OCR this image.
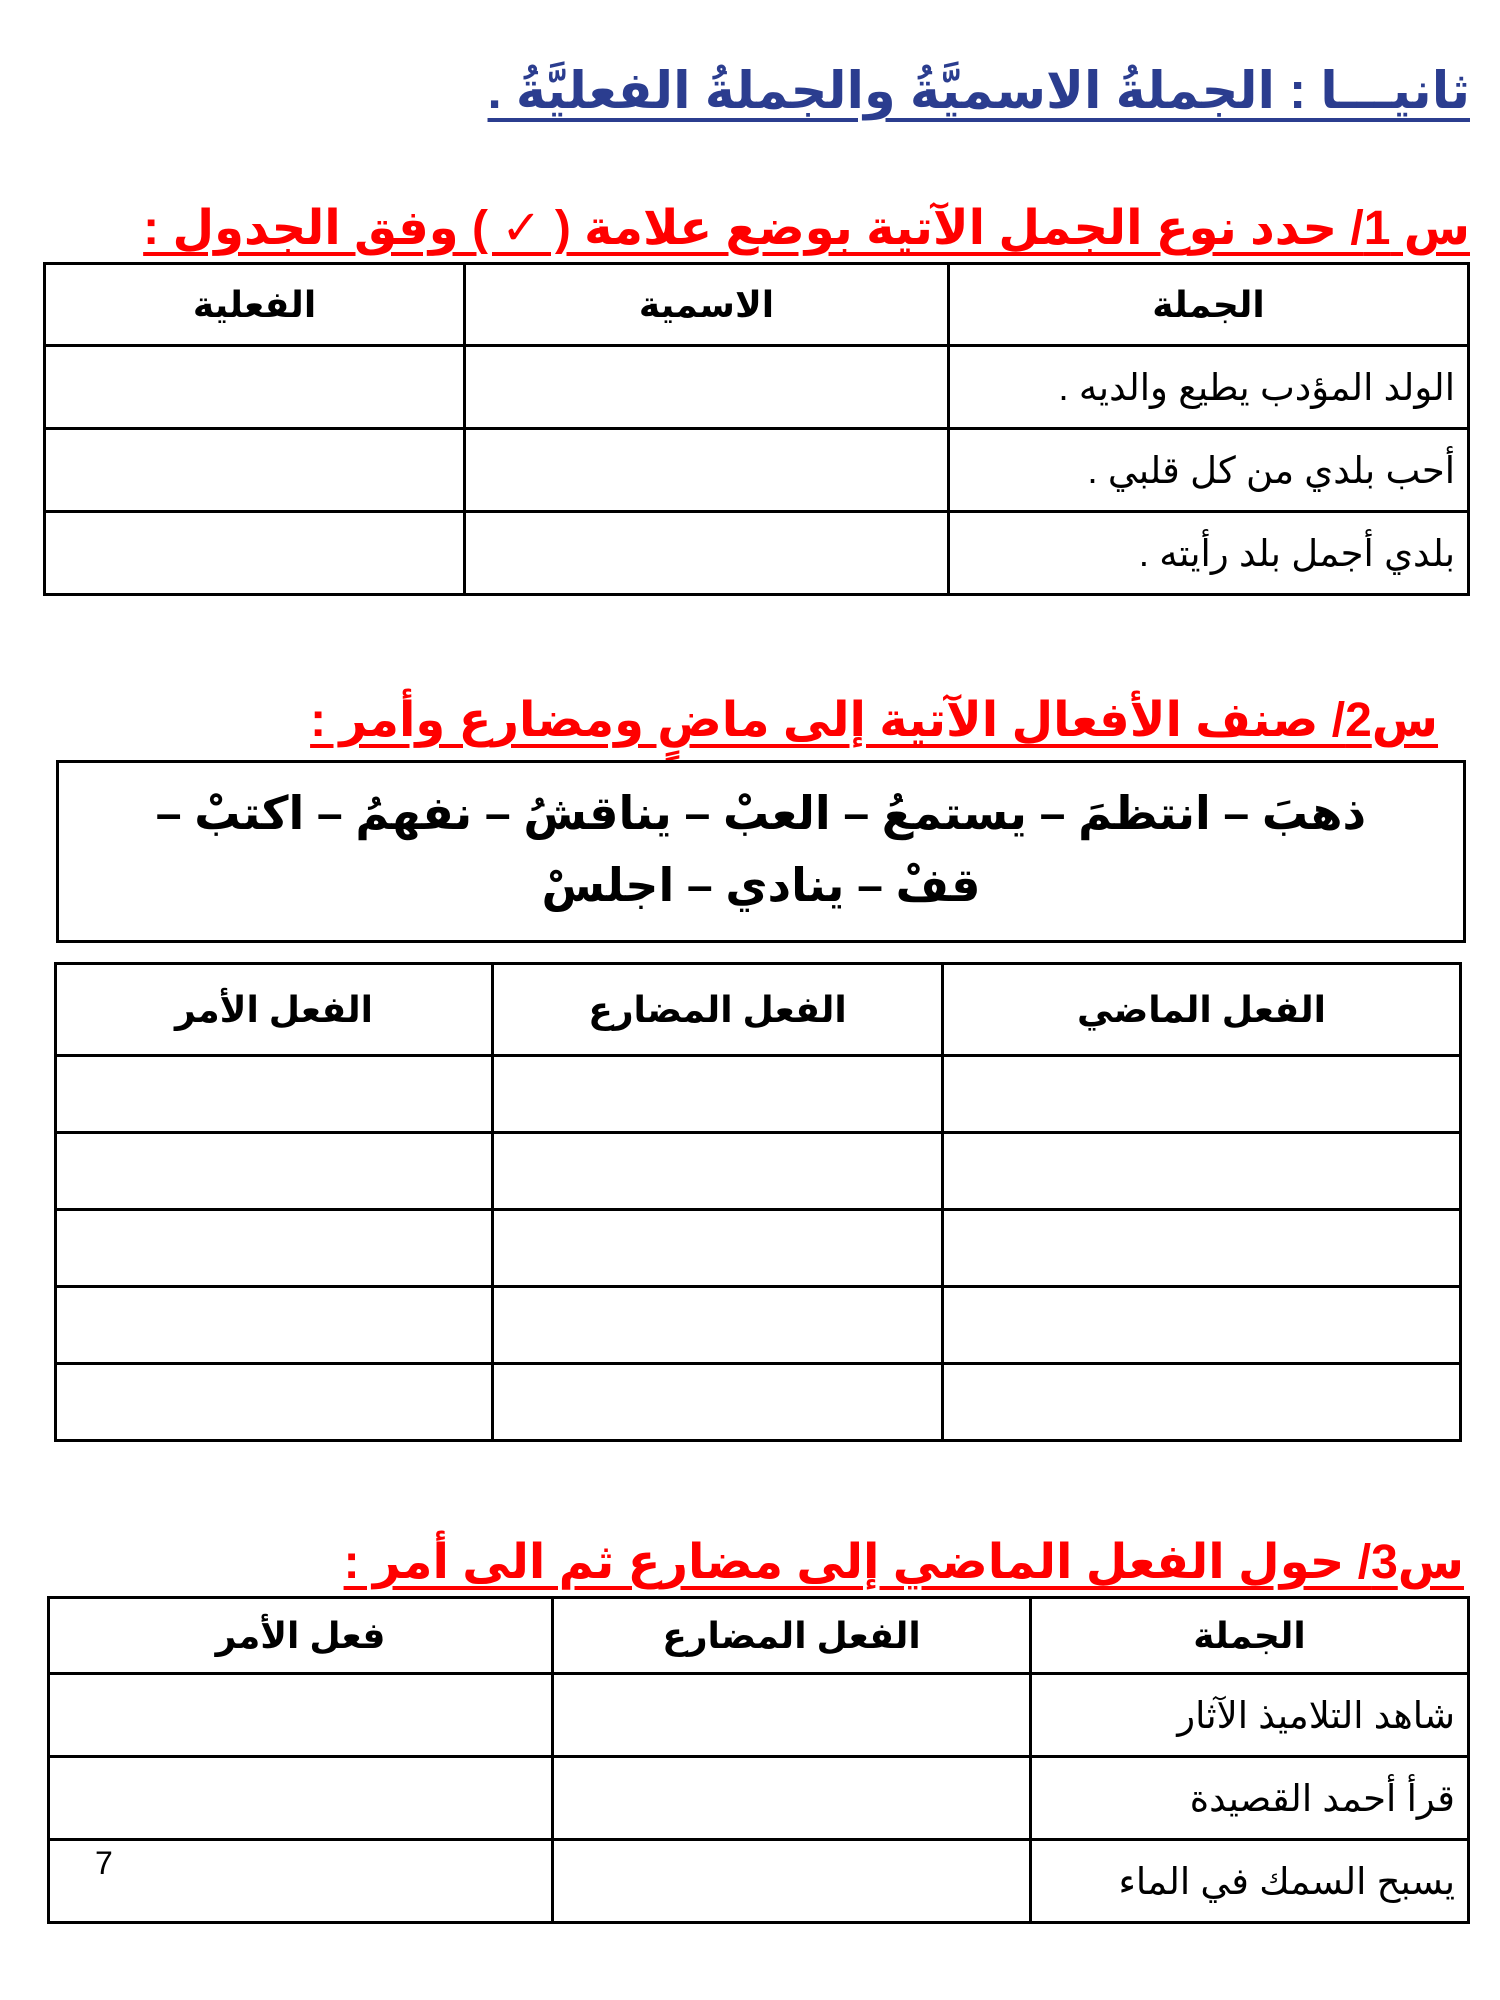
ثانيـــا : الجملةُ الاسميَّةُ والجملةُ الفعليَّةُ .
س 1/ حدد نوع الجمل الآتية بوضع علامة ( ✓ ) وفق الجدول :
الجملة	الاسمية	الفعلية
الولد المؤدب يطيع والديه .		
أحب بلدي من كل قلبي .		
بلدي أجمل بلد رأيته .		
س2/ صنف الأفعال الآتية إلى ماضٍ ومضارع وأمر :
ذهبَ – انتظمَ – يستمعُ – العبْ – يناقشُ – نفهمُ – اكتبْ –
قفْ – ينادي – اجلسْ
الفعل الماضي	الفعل المضارع	الفعل الأمر

س3/ حول الفعل الماضي إلى مضارع ثم الى أمر :
الجملة	الفعل المضارع	فعل الأمر
شاهد التلاميذ الآثار		
قرأ أحمد القصيدة		
يسبح السمك في الماء		
7
